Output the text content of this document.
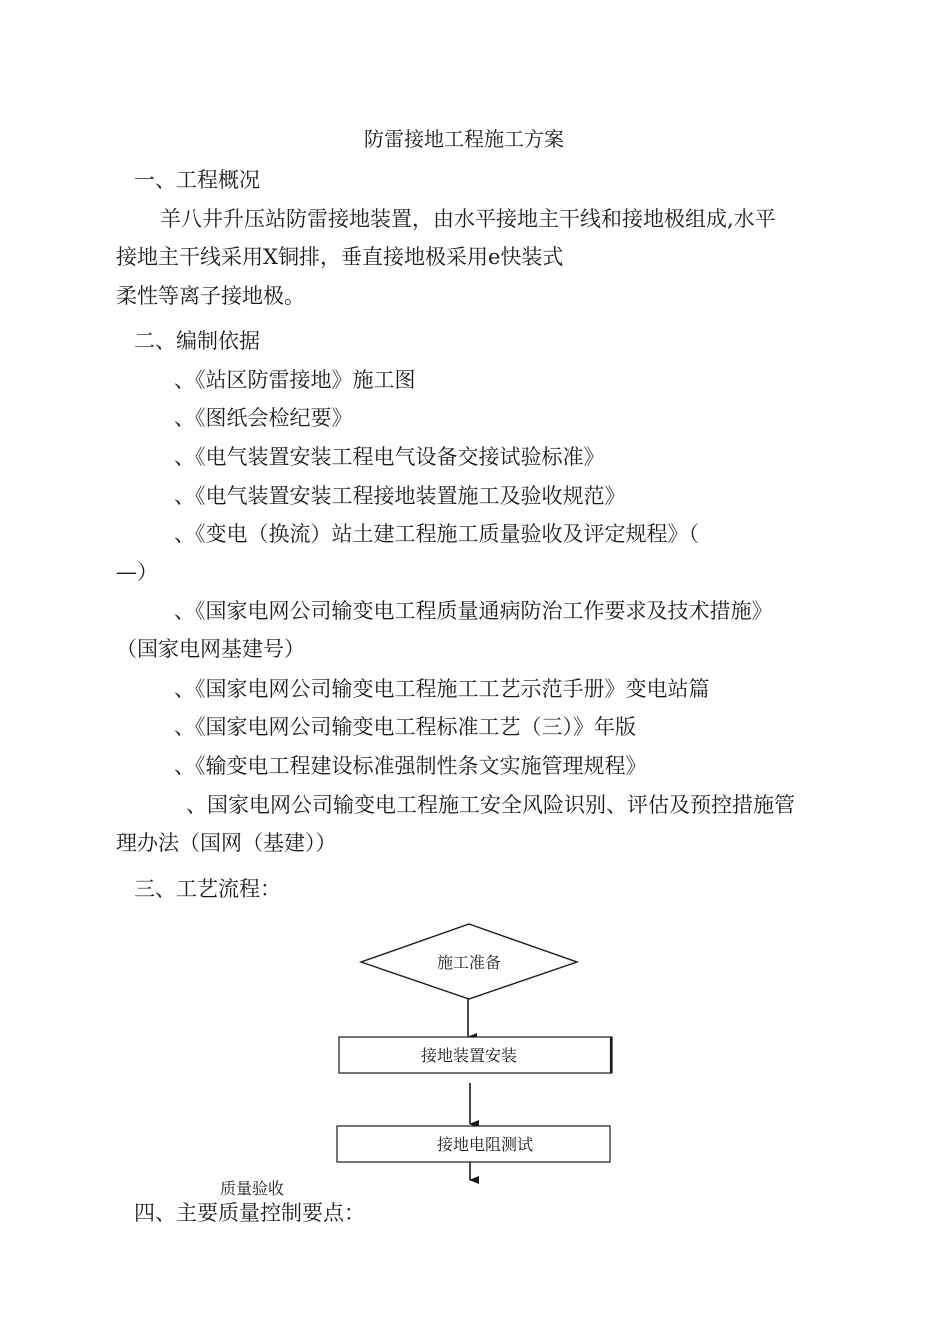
防雷接地工程施工方案
一、工程概况
羊八井升压站防雷接地装置，由水平接地主干线和接地极组成,水平
接地主干线采用X铜排，垂直接地极采用e快装式
柔性等离子接地极。
二、编制依据
、《站区防雷接地》施工图
、《图纸会检纪要》
、《电气装置安装工程电气设备交接试验标准》
、《电气装置安装工程接地装置施工及验收规范》
、《变电（换流）站土建工程施工质量验收及评定规程》（
—）
、《国家电网公司输变电工程质量通病防治工作要求及技术措施》
（国家电网基建号）
、《国家电网公司输变电工程施工工艺示范手册》变电站篇
、《国家电网公司输变电工程标准工艺（三）》年版
、《输变电工程建设标准强制性条文实施管理规程》
、国家电网公司输变电工程施工安全风险识别、评估及预控措施管
理办法（国网（基建））
三、工艺流程：
施工准备
接地装置安装
接地电阻测试
质量验收
四、主要质量控制要点：
